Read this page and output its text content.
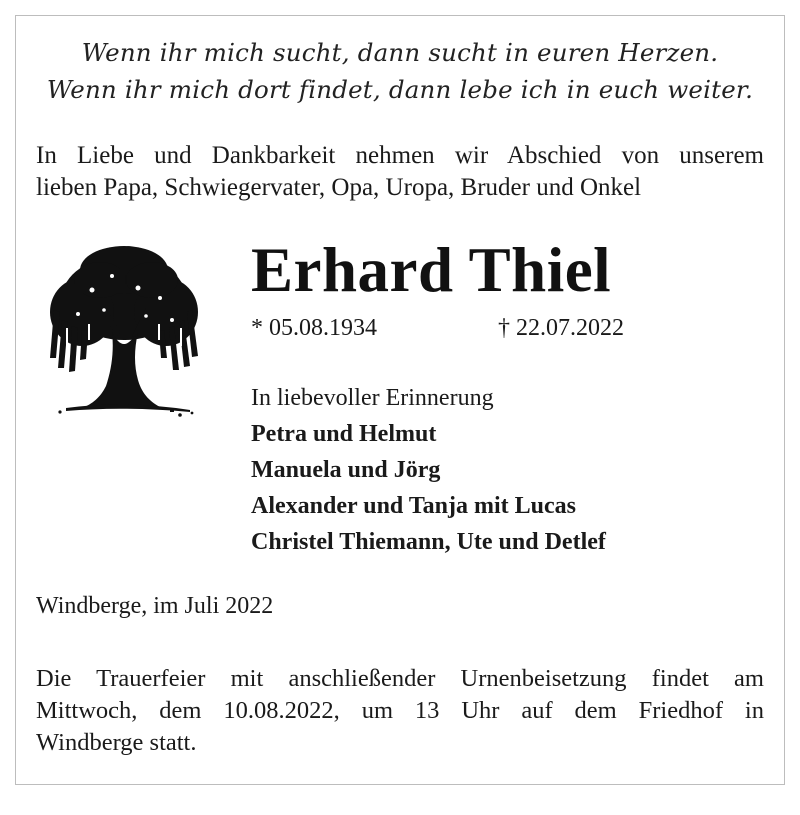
Wenn ihr mich sucht, dann sucht in euren Herzen.
Wenn ihr mich dort findet, dann lebe ich in euch weiter.
In Liebe und Dankbarkeit nehmen wir Abschied von unserem
lieben Papa, Schwiegervater, Opa, Uropa, Bruder und Onkel
Erhard Thiel
* 05.08.1934	† 22.07.2022
In liebevoller Erinnerung
Petra und Helmut
Manuela und Jörg
Alexander und Tanja mit Lucas
Christel Thiemann, Ute und Detlef
Windberge, im Juli 2022
Die Trauerfeier mit anschließender Urnenbeisetzung findet am
Mittwoch, dem 10.08.2022, um 13 Uhr auf dem Friedhof in
Windberge statt.
